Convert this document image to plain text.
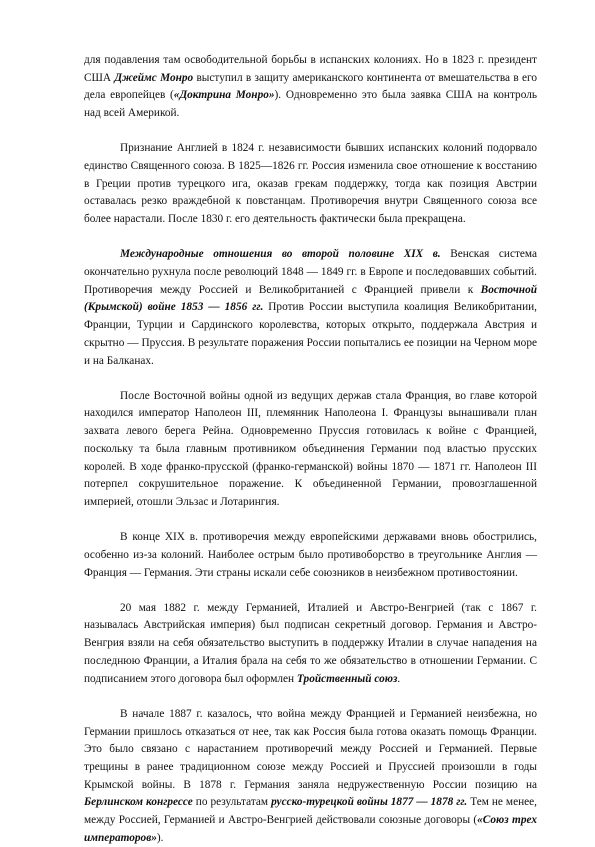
для подавления там освободительной борьбы в испанских колониях. Но в 1823 г. президент США Джеймс Монро выступил в защиту американского континента от вмешательства в его дела европейцев («Доктрина Монро»). Одновременно это была заявка США на контроль над всей Америкой.

Признание Англией в 1824 г. независимости бывших испанских колоний подорвало единство Священного союза. В 1825—1826 гг. Россия изменила свое отношение к восстанию в Греции против турецкого ига, оказав грекам поддержку, тогда как позиция Австрии оставалась резко враждебной к повстанцам. Противоречия внутри Священного союза все более нарастали. После 1830 г. его деятельность фактически была прекращена.

Международные отношения во второй половине XIX в. Венская система окончательно рухнула после революций 1848 — 1849 гг. в Европе и последовавших событий. Противоречия между Россией и Великобританией с Францией привели к Восточной (Крымской) войне 1853 — 1856 гг. Против России выступила коалиция Великобритании, Франции, Турции и Сардинского королевства, которых открыто, поддержала Австрия и скрытно — Пруссия. В результате поражения России попытались ее позиции на Черном море и на Балканах.

После Восточной войны одной из ведущих держав стала Франция, во главе которой находился император Наполеон III, племянник Наполеона I. Французы вынашивали план захвата левого берега Рейна. Одновременно Пруссия готовилась к войне с Францией, поскольку та была главным противником объединения Германии под властью прусских королей. В ходе франко-прусской (франко-германской) войны 1870 — 1871 гг. Наполеон III потерпел сокрушительное поражение. К объединенной Германии, провозглашенной империей, отошли Эльзас и Лотарингия.

В конце XIX в. противоречия между европейскими державами вновь обострились, особенно из-за колоний. Наиболее острым было противоборство в треугольнике Англия — Франция — Германия. Эти страны искали себе союзников в неизбежном противостоянии.

20 мая 1882 г. между Германией, Италией и Австро-Венгрией (так с 1867 г. называлась Австрийская империя) был подписан секретный договор. Германия и Австро-Венгрия взяли на себя обязательство выступить в поддержку Италии в случае нападения на последнюю Франции, а Италия брала на себя то же обязательство в отношении Германии. С подписанием этого договора был оформлен Тройственный союз.

В начале 1887 г. казалось, что война между Францией и Германией неизбежна, но Германии пришлось отказаться от нее, так как Россия была готова оказать помощь Франции. Это было связано с нарастанием противоречий между Россией и Германией. Первые трещины в ранее традиционном союзе между Россией и Пруссией произошли в годы Крымской войны. В 1878 г. Германия заняла недружественную России позицию на Берлинском конгрессе по результатам русско-турецкой войны 1877 — 1878 гг. Тем не менее, между Россией, Германией и Австро-Венгрией действовали союзные договоры («Союз трех императоров»).
